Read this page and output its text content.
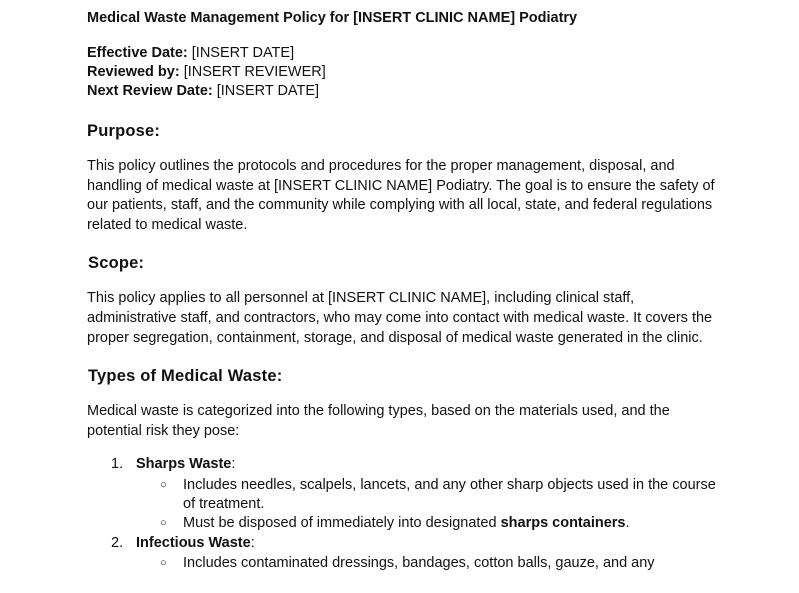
Medical Waste Management Policy for [INSERT CLINIC NAME] Podiatry
Effective Date: [INSERT DATE]
Reviewed by: [INSERT REVIEWER]
Next Review Date: [INSERT DATE]
Purpose:

This policy outlines the protocols and procedures for the proper management, disposal, and handling of medical waste at [INSERT CLINIC NAME] Podiatry. The goal is to ensure the safety of our patients, staff, and the community while complying with all local, state, and federal regulations related to medical waste.

Scope:

This policy applies to all personnel at [INSERT CLINIC NAME], including clinical staff, administrative staff, and contractors, who may come into contact with medical waste. It covers the proper segregation, containment, storage, and disposal of medical waste generated in the clinic.

Types of Medical Waste:

Medical waste is categorized into the following types, based on the materials used, and the potential risk they pose:

1. Sharps Waste:
○ Includes needles, scalpels, lancets, and any other sharp objects used in the course of treatment.
○ Must be disposed of immediately into designated sharps containers.
2. Infectious Waste:
○ Includes contaminated dressings, bandages, cotton balls, gauze, and any
